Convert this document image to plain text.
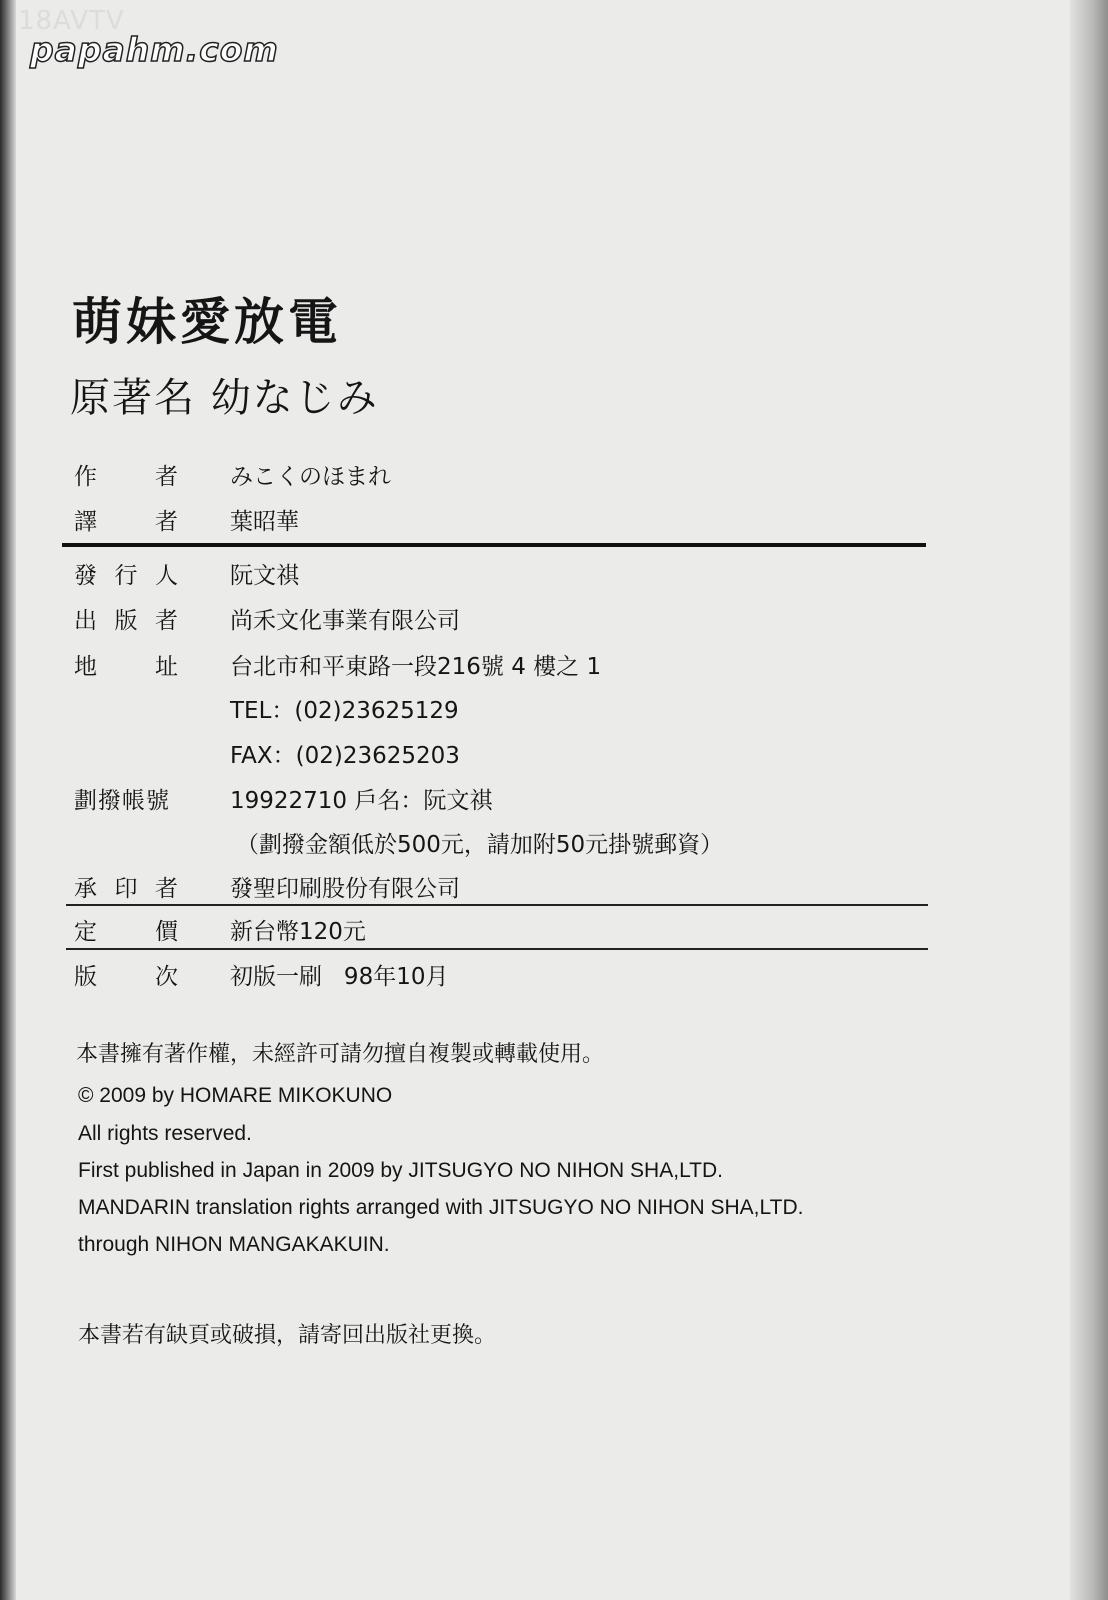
18AVTV
papahm.com
萌妹愛放電
原著名 幼なじみ
作	者 みこくのほまれ
譯	者 葉昭華
發 行 人 阮文祺
出 版 者 尚禾文化事業有限公司
地	址 台北市和平東路一段216號 4 樓之 1
TEL：(02)23625129
FAX：(02)23625203
劃撥帳號	19922710 戶名：阮文祺
（劃撥金額低於500元，請加附50元掛號郵資）
承 印 者 發聖印刷股份有限公司
定	價 新台幣120元
版	次 初版一刷   98年10月
本書擁有著作權，未經許可請勿擅自複製或轉載使用。
© 2009 by HOMARE MIKOKUNO
All rights reserved.
First published in Japan in 2009 by JITSUGYO NO NIHON SHA,LTD.
MANDARIN translation rights arranged with JITSUGYO NO NIHON SHA,LTD.
through NIHON MANGAKAKUIN.
本書若有缺頁或破損，請寄回出版社更換。
